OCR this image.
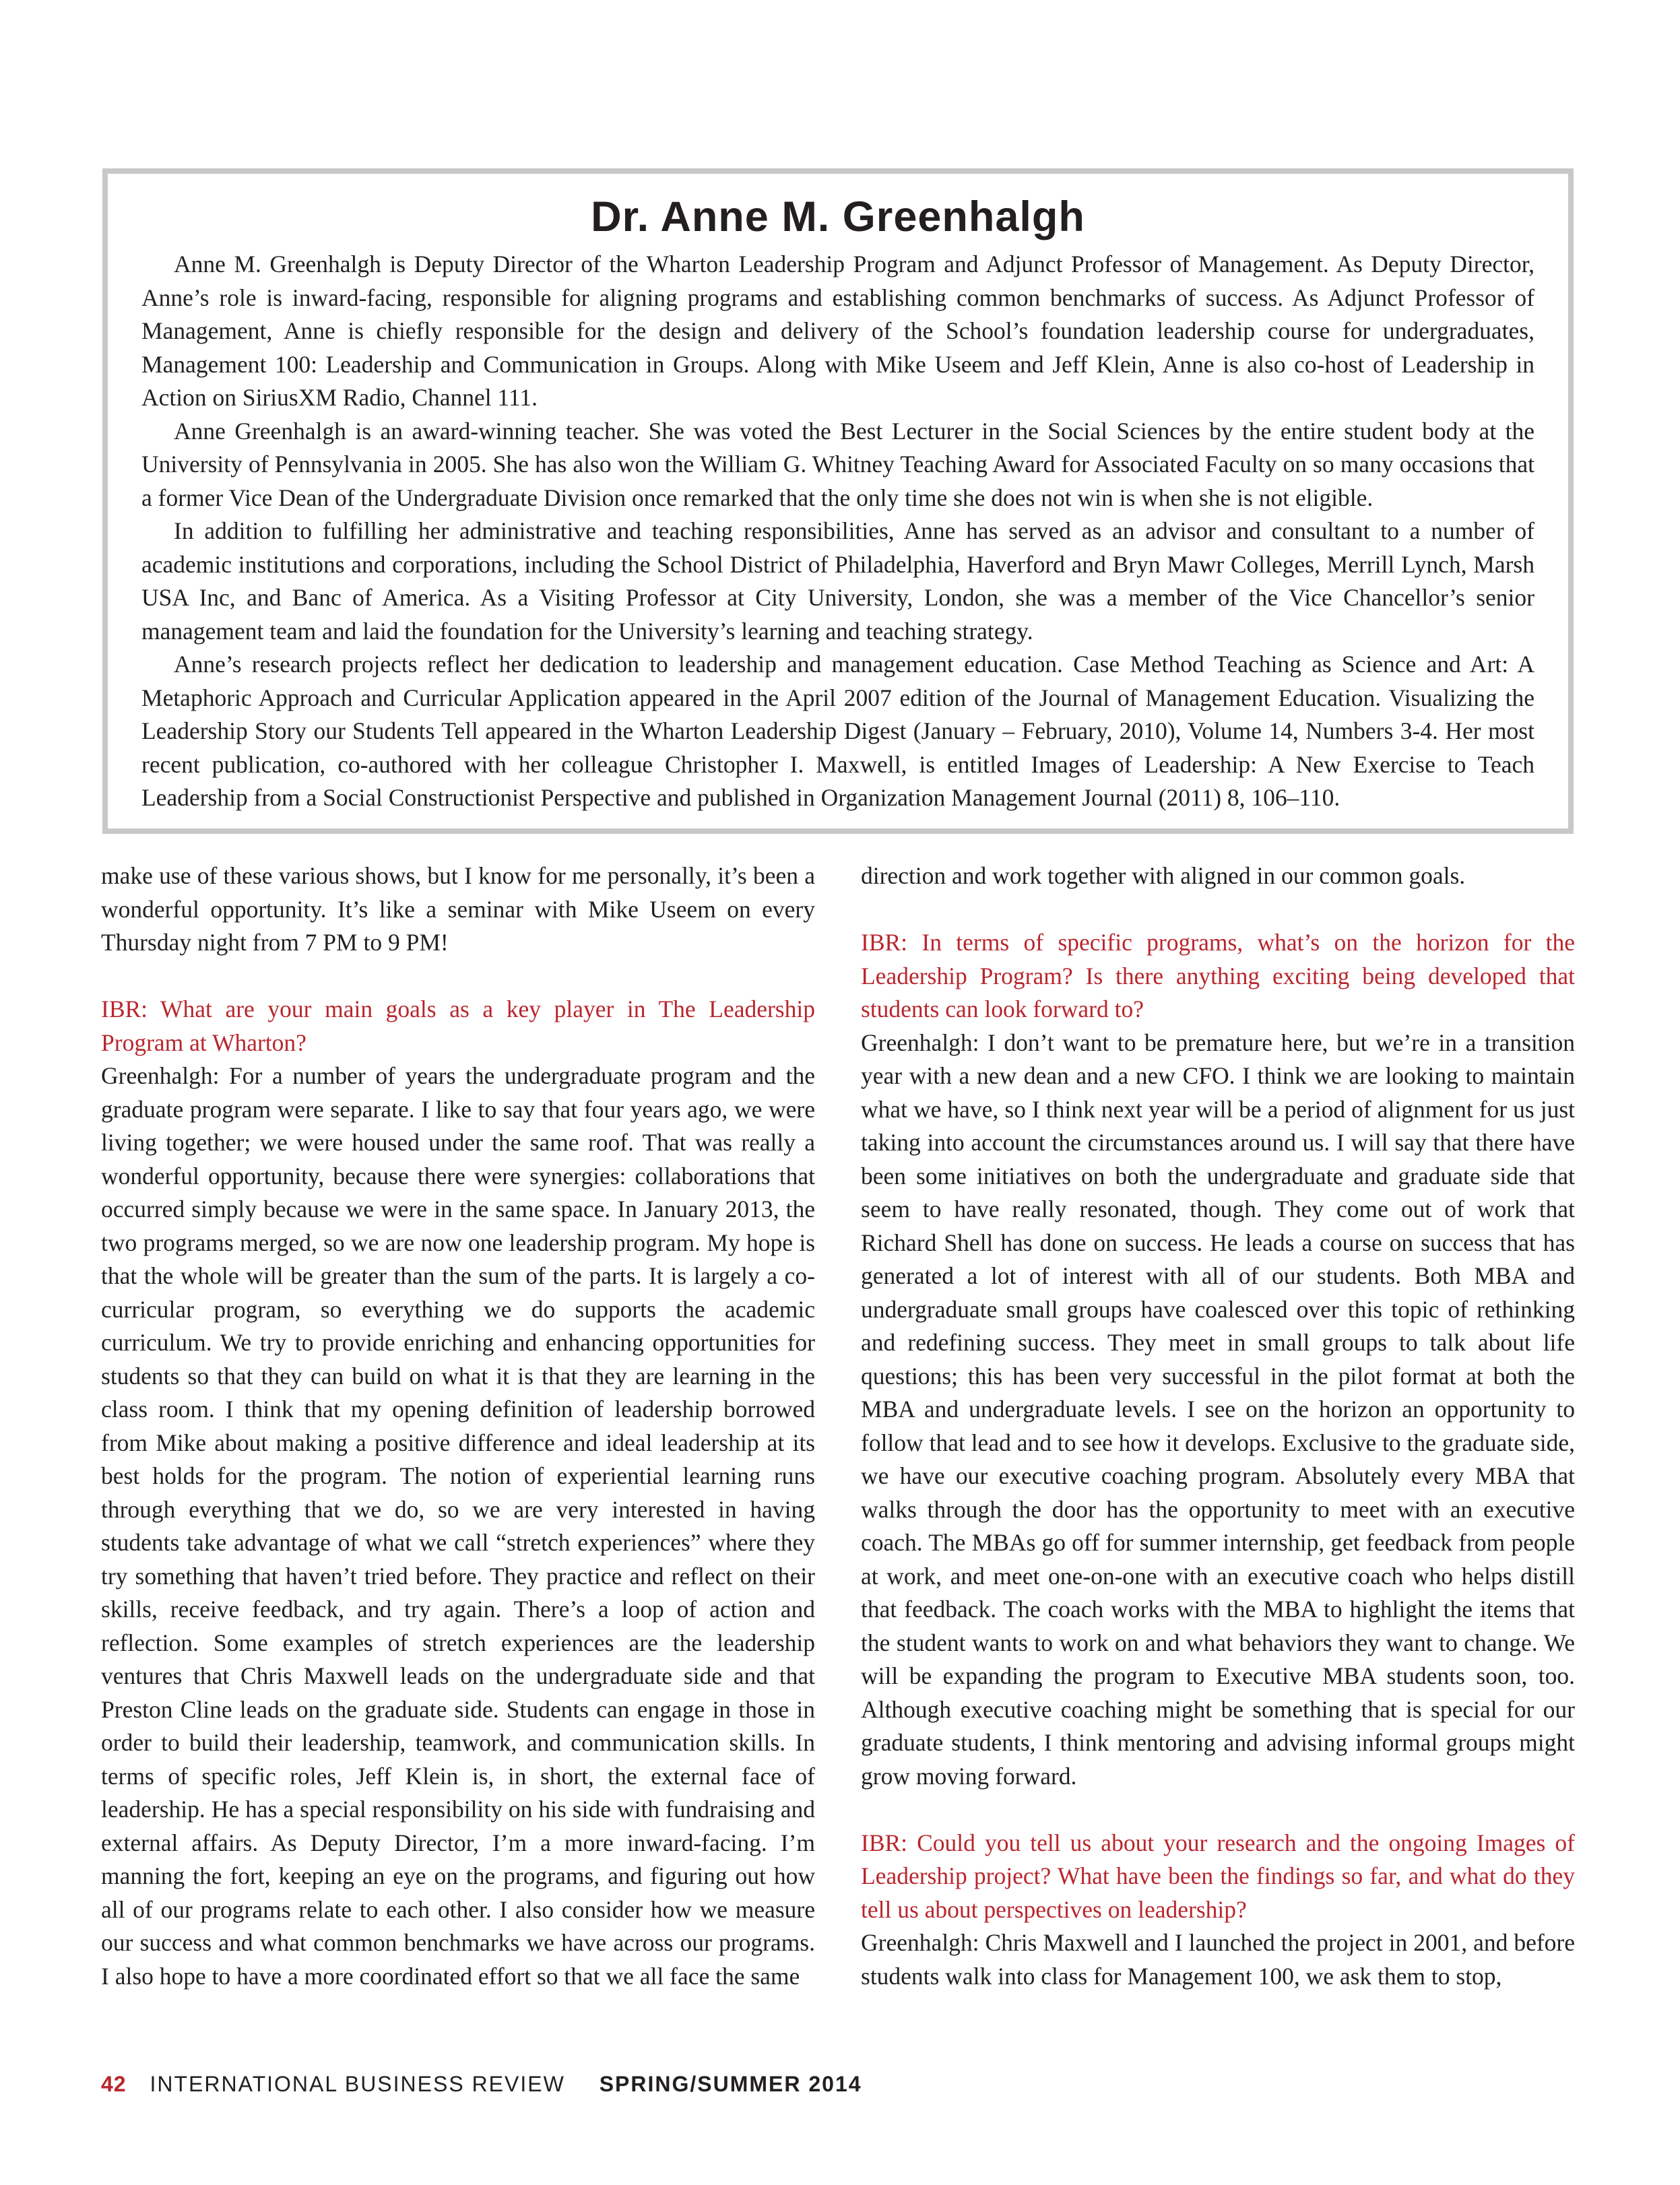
Dr. Anne M. Greenhalgh

Anne M. Greenhalgh is Deputy Director of the Wharton Leadership Program and Adjunct Professor of Management. As Deputy Director, Anne’s role is inward-facing, responsible for aligning programs and establishing common benchmarks of success. As Adjunct Professor of Management, Anne is chiefly responsible for the design and delivery of the School’s foundation leadership course for undergraduates, Management 100: Leadership and Communication in Groups. Along with Mike Useem and Jeff Klein, Anne is also co-host of Leadership in Action on SiriusXM Radio, Channel 111.

Anne Greenhalgh is an award-winning teacher. She was voted the Best Lecturer in the Social Sciences by the entire student body at the University of Pennsylvania in 2005. She has also won the William G. Whitney Teaching Award for Associated Faculty on so many occasions that a former Vice Dean of the Undergraduate Division once remarked that the only time she does not win is when she is not eligible.

In addition to fulfilling her administrative and teaching responsibilities, Anne has served as an advisor and consultant to a number of academic institutions and corporations, including the School District of Philadelphia, Haverford and Bryn Mawr Colleges, Merrill Lynch, Marsh USA Inc, and Banc of America. As a Visiting Professor at City University, London, she was a member of the Vice Chancellor’s senior management team and laid the foundation for the University’s learning and teaching strategy.

Anne’s research projects reflect her dedication to leadership and management education. Case Method Teaching as Science and Art: A Metaphoric Approach and Curricular Application appeared in the April 2007 edition of the Journal of Management Education. Visualizing the Leadership Story our Students Tell appeared in the Wharton Leadership Digest (January – February, 2010), Volume 14, Numbers 3-4. Her most recent publication, co-authored with her colleague Christopher I. Maxwell, is entitled Images of Leadership: A New Exercise to Teach Leadership from a Social Constructionist Perspective and published in Organization Management Journal (2011) 8, 106–110.

make use of these various shows, but I know for me personally, it’s been a wonderful opportunity. It’s like a seminar with Mike Useem on every Thursday night from 7 PM to 9 PM!

IBR: What are your main goals as a key player in The Leadership Program at Wharton?

Greenhalgh: For a number of years the undergraduate program and the graduate program were separate. I like to say that four years ago, we were living together; we were housed under the same roof. That was really a wonderful opportunity, because there were synergies: collaborations that occurred simply because we were in the same space. In January 2013, the two programs merged, so we are now one leadership program. My hope is that the whole will be greater than the sum of the parts. It is largely a co-curricular program, so everything we do supports the academic curriculum. We try to provide enriching and enhancing opportunities for students so that they can build on what it is that they are learning in the class room. I think that my opening definition of leadership borrowed from Mike about making a positive difference and ideal leadership at its best holds for the program. The notion of experiential learning runs through everything that we do, so we are very interested in having students take advantage of what we call “stretch experiences” where they try something that haven’t tried before. They practice and reflect on their skills, receive feedback, and try again. There’s a loop of action and reflection. Some examples of stretch experiences are the leadership ventures that Chris Maxwell leads on the undergraduate side and that Preston Cline leads on the graduate side. Students can engage in those in order to build their leadership, teamwork, and communication skills. In terms of specific roles, Jeff Klein is, in short, the external face of leadership. He has a special responsibility on his side with fundraising and external affairs. As Deputy Director, I’m a more inward-facing. I’m manning the fort, keeping an eye on the programs, and figuring out how all of our programs relate to each other. I also consider how we measure our success and what common benchmarks we have across our programs. I also hope to have a more coordinated effort so that we all face the same

direction and work together with aligned in our common goals.

IBR: In terms of specific programs, what’s on the horizon for the Leadership Program? Is there anything exciting being developed that students can look forward to?

Greenhalgh: I don’t want to be premature here, but we’re in a transition year with a new dean and a new CFO. I think we are looking to maintain what we have, so I think next year will be a period of alignment for us just taking into account the circumstances around us. I will say that there have been some initiatives on both the undergraduate and graduate side that seem to have really resonated, though. They come out of work that Richard Shell has done on success. He leads a course on success that has generated a lot of interest with all of our students. Both MBA and undergraduate small groups have coalesced over this topic of rethinking and redefining success. They meet in small groups to talk about life questions; this has been very successful in the pilot format at both the MBA and undergraduate levels. I see on the horizon an opportunity to follow that lead and to see how it develops. Exclusive to the graduate side, we have our executive coaching program. Absolutely every MBA that walks through the door has the opportunity to meet with an executive coach. The MBAs go off for summer internship, get feedback from people at work, and meet one-on-one with an executive coach who helps distill that feedback. The coach works with the MBA to highlight the items that the student wants to work on and what behaviors they want to change. We will be expanding the program to Executive MBA students soon, too. Although executive coaching might be something that is special for our graduate students, I think mentoring and advising informal groups might grow moving forward.

IBR: Could you tell us about your research and the ongoing Images of Leadership project? What have been the findings so far, and what do they tell us about perspectives on leadership?

Greenhalgh: Chris Maxwell and I launched the project in 2001, and before students walk into class for Management 100, we ask them to stop,

42 INTERNATIONAL BUSINESS REVIEW SPRING/SUMMER 2014
